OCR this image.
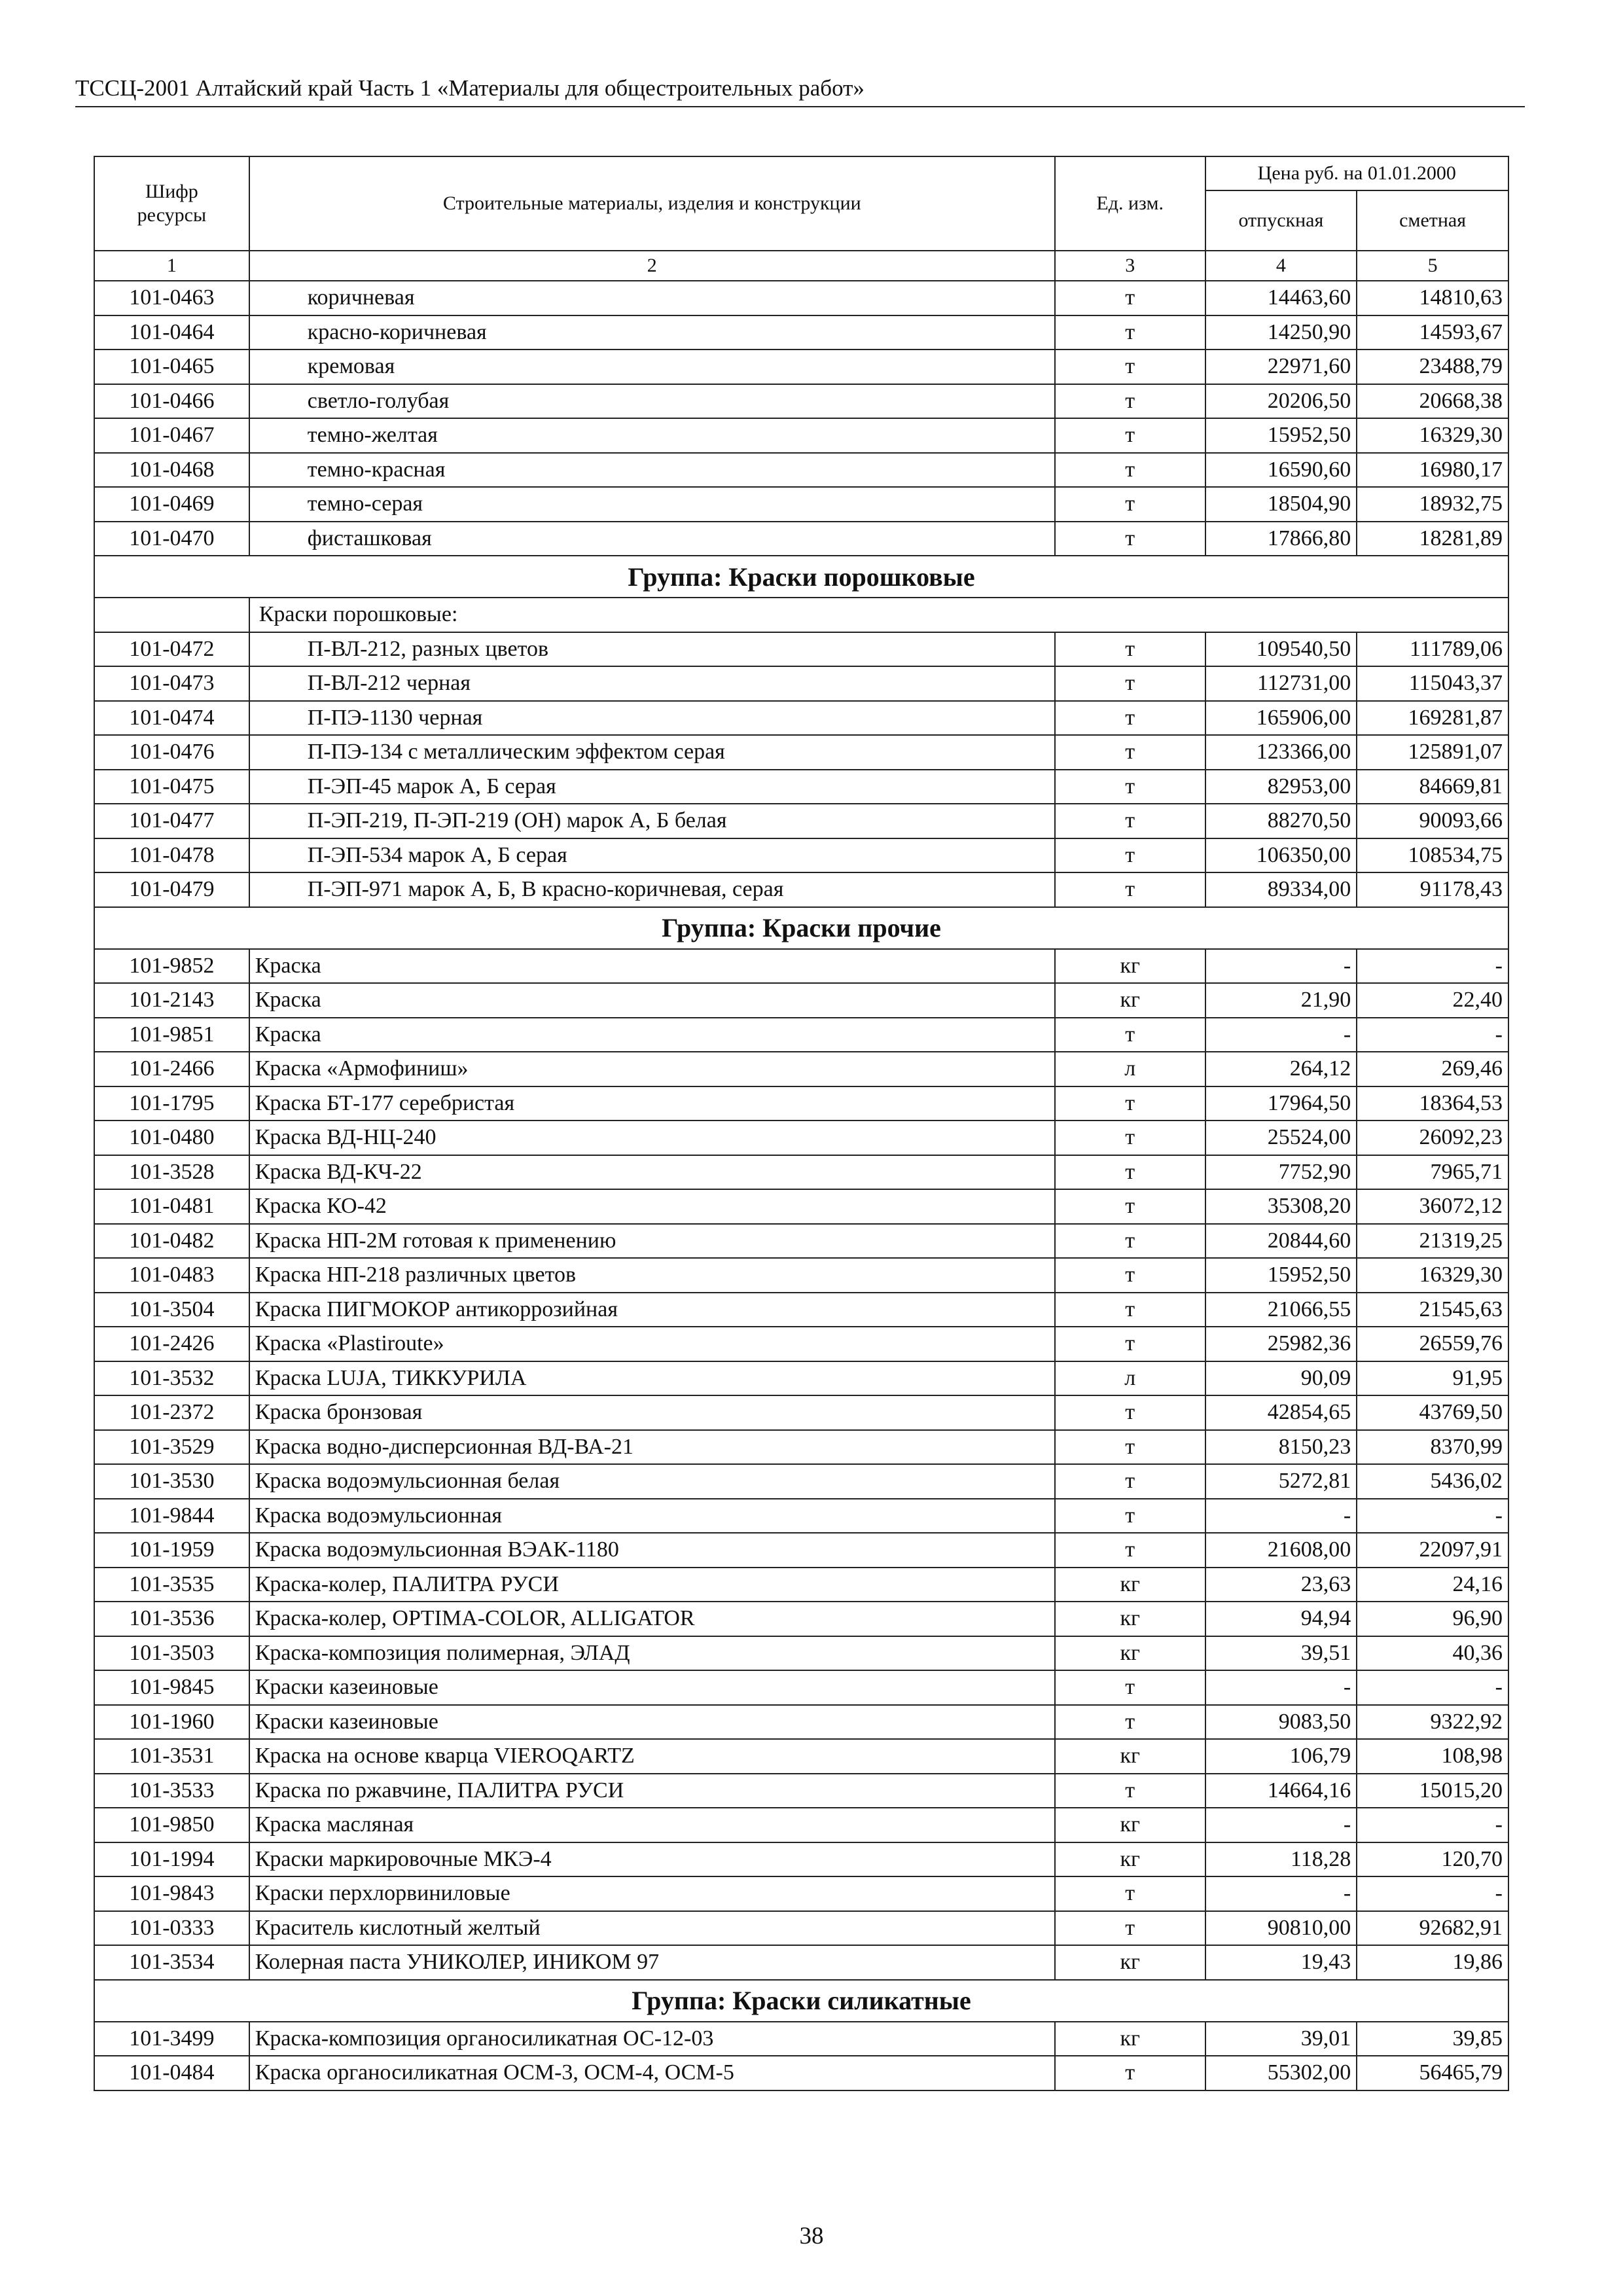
ТССЦ-2001 Алтайский край Часть 1 «Материалы для общестроительных работ»
Шифр ресурсы	Строительные материалы, изделия и конструкции	Ед. изм.	Цена руб. на 01.01.2000	
			отпускная	сметная
1	2	3	4	5
101-0463	коричневая	т	14463,60	14810,63
101-0464	красно-коричневая	т	14250,90	14593,67
101-0465	кремовая	т	22971,60	23488,79
101-0466	светло-голубая	т	20206,50	20668,38
101-0467	темно-желтая	т	15952,50	16329,30
101-0468	темно-красная	т	16590,60	16980,17
101-0469	темно-серая	т	18504,90	18932,75
101-0470	фисташковая	т	17866,80	18281,89
Группа: Краски порошковые				
	Краски порошковые:			
101-0472	П-ВЛ-212, разных цветов	т	109540,50	111789,06
101-0473	П-ВЛ-212 черная	т	112731,00	115043,37
101-0474	П-ПЭ-1130 черная	т	165906,00	169281,87
101-0476	П-ПЭ-134 с металлическим эффектом серая	т	123366,00	125891,07
101-0475	П-ЭП-45 марок А, Б серая	т	82953,00	84669,81
101-0477	П-ЭП-219, П-ЭП-219 (ОН) марок А, Б белая	т	88270,50	90093,66
101-0478	П-ЭП-534 марок А, Б серая	т	106350,00	108534,75
101-0479	П-ЭП-971 марок А, Б, В красно-коричневая, серая	т	89334,00	91178,43
Группа: Краски прочие				
101-9852	Краска	кг	-	-
101-2143	Краска	кг	21,90	22,40
101-9851	Краска	т	-	-
101-2466	Краска «Армофиниш»	л	264,12	269,46
101-1795	Краска БТ-177 серебристая	т	17964,50	18364,53
101-0480	Краска ВД-НЦ-240	т	25524,00	26092,23
101-3528	Краска ВД-КЧ-22	т	7752,90	7965,71
101-0481	Краска КО-42	т	35308,20	36072,12
101-0482	Краска НП-2М готовая к применению	т	20844,60	21319,25
101-0483	Краска НП-218 различных цветов	т	15952,50	16329,30
101-3504	Краска ПИГМОКОР антикоррозийная	т	21066,55	21545,63
101-2426	Краска «Plastiroute»	т	25982,36	26559,76
101-3532	Краска LUJA, ТИККУРИЛА	л	90,09	91,95
101-2372	Краска бронзовая	т	42854,65	43769,50
101-3529	Краска водно-дисперсионная ВД-ВА-21	т	8150,23	8370,99
101-3530	Краска водоэмульсионная белая	т	5272,81	5436,02
101-9844	Краска водоэмульсионная	т	-	-
101-1959	Краска водоэмульсионная ВЭАК-1180	т	21608,00	22097,91
101-3535	Краска-колер, ПАЛИТРА РУСИ	кг	23,63	24,16
101-3536	Краска-колер, OPTIMA-COLOR, ALLIGATOR	кг	94,94	96,90
101-3503	Краска-композиция полимерная, ЭЛАД	кг	39,51	40,36
101-9845	Краски казеиновые	т	-	-
101-1960	Краски казеиновые	т	9083,50	9322,92
101-3531	Краска на основе кварца VIEROQARTZ	кг	106,79	108,98
101-3533	Краска по ржавчине, ПАЛИТРА РУСИ	т	14664,16	15015,20
101-9850	Краска масляная	кг	-	-
101-1994	Краски маркировочные МКЭ-4	кг	118,28	120,70
101-9843	Краски перхлорвиниловые	т	-	-
101-0333	Краситель кислотный желтый	т	90810,00	92682,91
101-3534	Колерная паста УНИКОЛЕР, ИНИКОМ 97	кг	19,43	19,86
Группа: Краски силикатные				
101-3499	Краска-композиция органосиликатная ОС-12-03	кг	39,01	39,85
101-0484	Краска органосиликатная ОСМ-3, ОСМ-4, ОСМ-5	т	55302,00	56465,79
38
